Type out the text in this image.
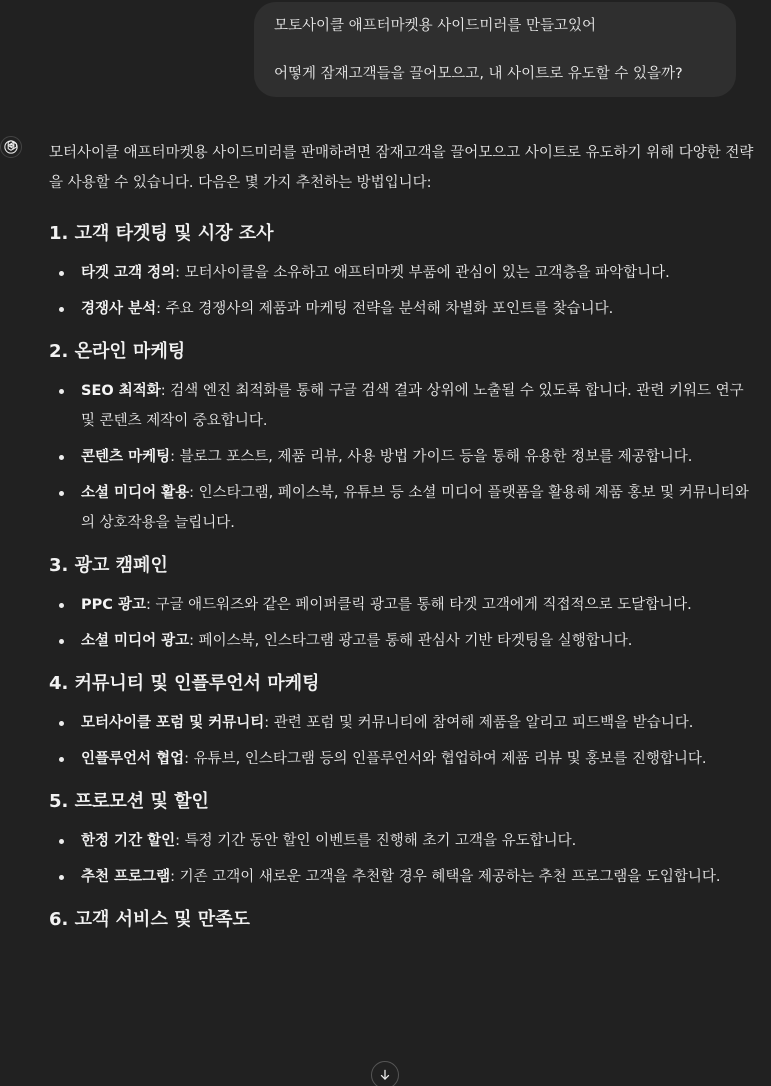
모토사이클 애프터마켓용 사이드미러를 만들고있어

어떻게 잠재고객들을 끌어모으고, 내 사이트로 유도할 수 있을까?

모터사이클 애프터마켓용 사이드미러를 판매하려면 잠재고객을 끌어모으고 사이트로 유도하기 위해 다양한 전략을 사용할 수 있습니다. 다음은 몇 가지 추천하는 방법입니다:

1. 고객 타겟팅 및 시장 조사
타겟 고객 정의: 모터사이클을 소유하고 애프터마켓 부품에 관심이 있는 고객층을 파악합니다.
경쟁사 분석: 주요 경쟁사의 제품과 마케팅 전략을 분석해 차별화 포인트를 찾습니다.
2. 온라인 마케팅
SEO 최적화: 검색 엔진 최적화를 통해 구글 검색 결과 상위에 노출될 수 있도록 합니다. 관련 키워드 연구 및 콘텐츠 제작이 중요합니다.
콘텐츠 마케팅: 블로그 포스트, 제품 리뷰, 사용 방법 가이드 등을 통해 유용한 정보를 제공합니다.
소셜 미디어 활용: 인스타그램, 페이스북, 유튜브 등 소셜 미디어 플랫폼을 활용해 제품 홍보 및 커뮤니티와의 상호작용을 늘립니다.
3. 광고 캠페인
PPC 광고: 구글 애드워즈와 같은 페이퍼클릭 광고를 통해 타겟 고객에게 직접적으로 도달합니다.
소셜 미디어 광고: 페이스북, 인스타그램 광고를 통해 관심사 기반 타겟팅을 실행합니다.
4. 커뮤니티 및 인플루언서 마케팅
모터사이클 포럼 및 커뮤니티: 관련 포럼 및 커뮤니티에 참여해 제품을 알리고 피드백을 받습니다.
인플루언서 협업: 유튜브, 인스타그램 등의 인플루언서와 협업하여 제품 리뷰 및 홍보를 진행합니다.
5. 프로모션 및 할인
한정 기간 할인: 특정 기간 동안 할인 이벤트를 진행해 초기 고객을 유도합니다.
추천 프로그램: 기존 고객이 새로운 고객을 추천할 경우 혜택을 제공하는 추천 프로그램을 도입합니다.
6. 고객 서비스 및 만족도
